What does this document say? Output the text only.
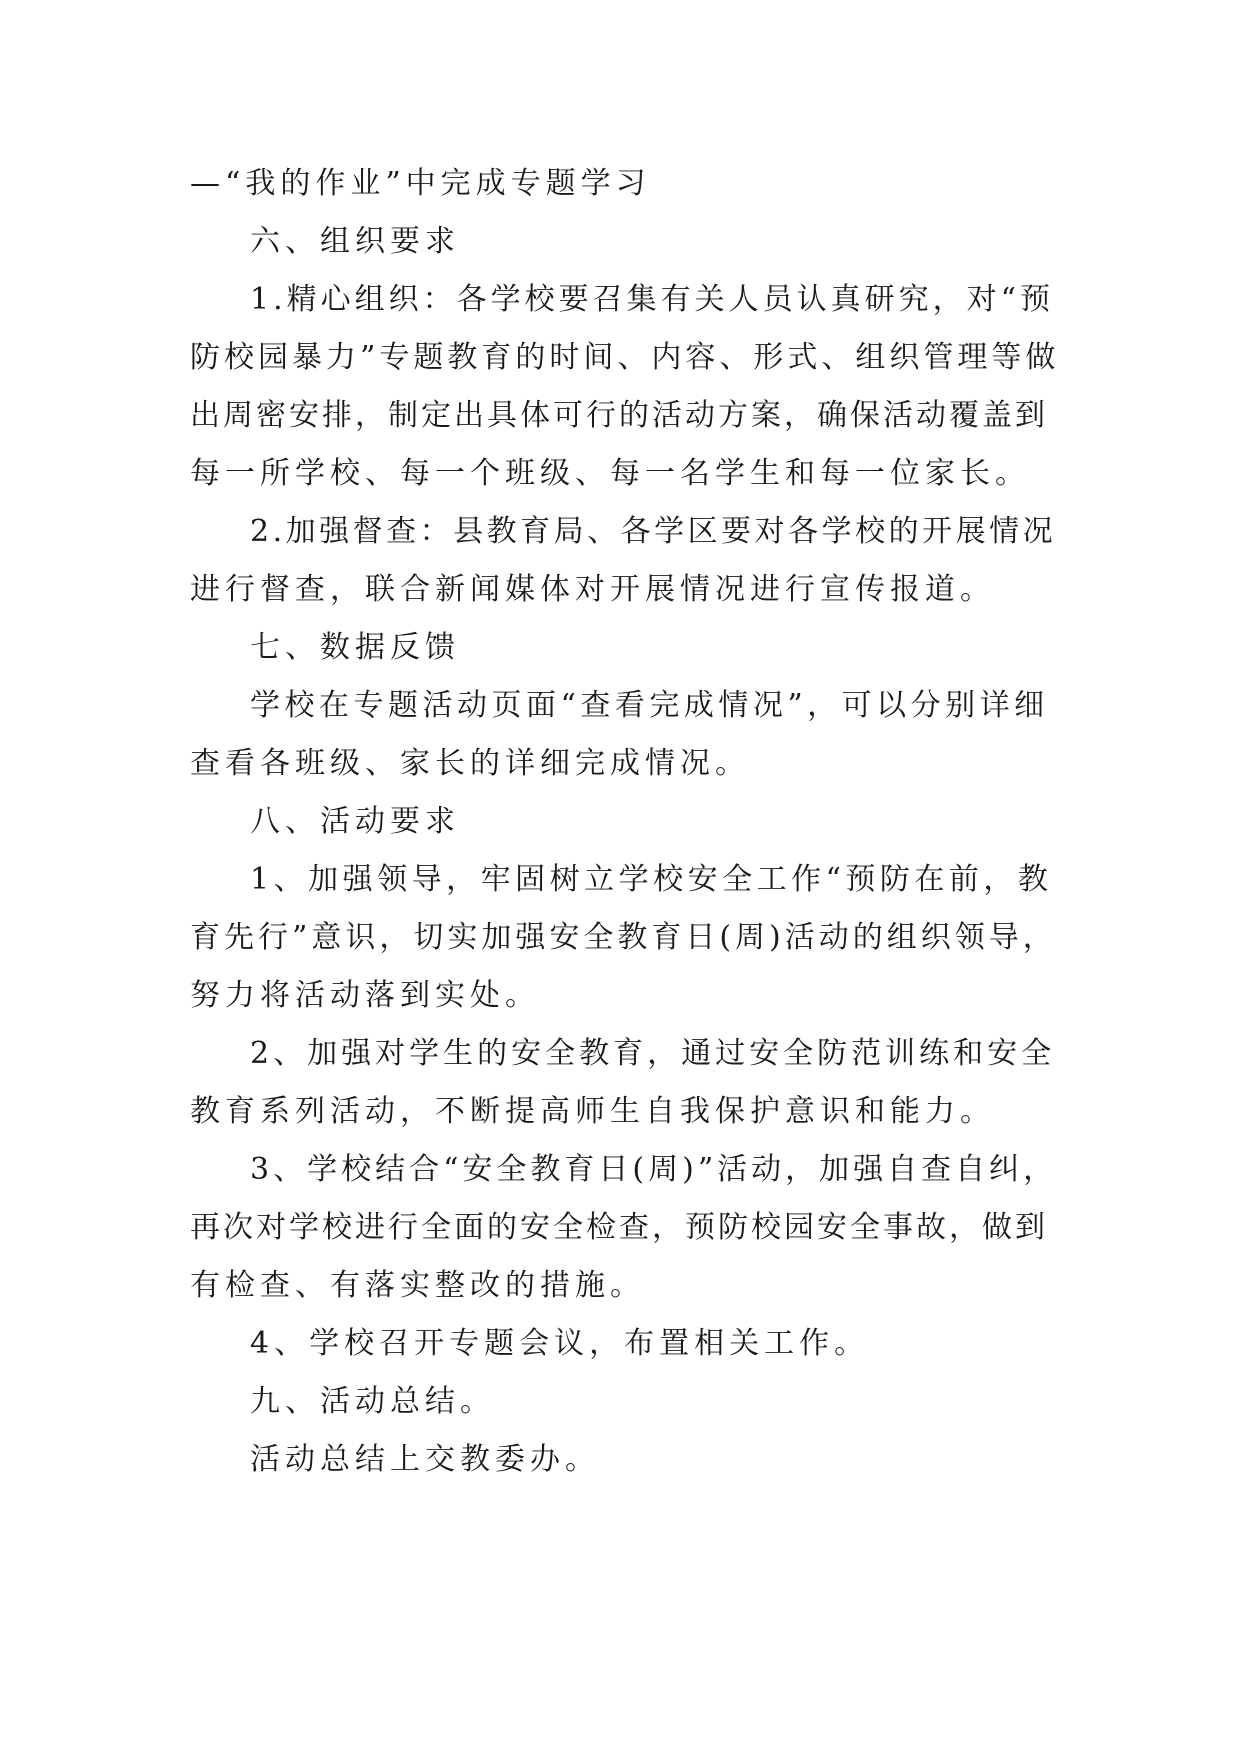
—“我的作业”中完成专题学习
六、组织要求
1.精心组织：各学校要召集有关人员认真研究，对“预
防校园暴力”专题教育的时间、内容、形式、组织管理等做
出周密安排，制定出具体可行的活动方案，确保活动覆盖到
每一所学校、每一个班级、每一名学生和每一位家长。
2.加强督查：县教育局、各学区要对各学校的开展情况
进行督查，联合新闻媒体对开展情况进行宣传报道。
七、数据反馈
学校在专题活动页面“查看完成情况”，可以分别详细
查看各班级、家长的详细完成情况。
八、活动要求
1、加强领导，牢固树立学校安全工作“预防在前，教
育先行”意识，切实加强安全教育日(周)活动的组织领导，
努力将活动落到实处。
2、加强对学生的安全教育，通过安全防范训练和安全
教育系列活动，不断提高师生自我保护意识和能力。
3、学校结合“安全教育日(周)”活动，加强自查自纠，
再次对学校进行全面的安全检查，预防校园安全事故，做到
有检查、有落实整改的措施。
4、学校召开专题会议，布置相关工作。
九、活动总结。
活动总结上交教委办。
